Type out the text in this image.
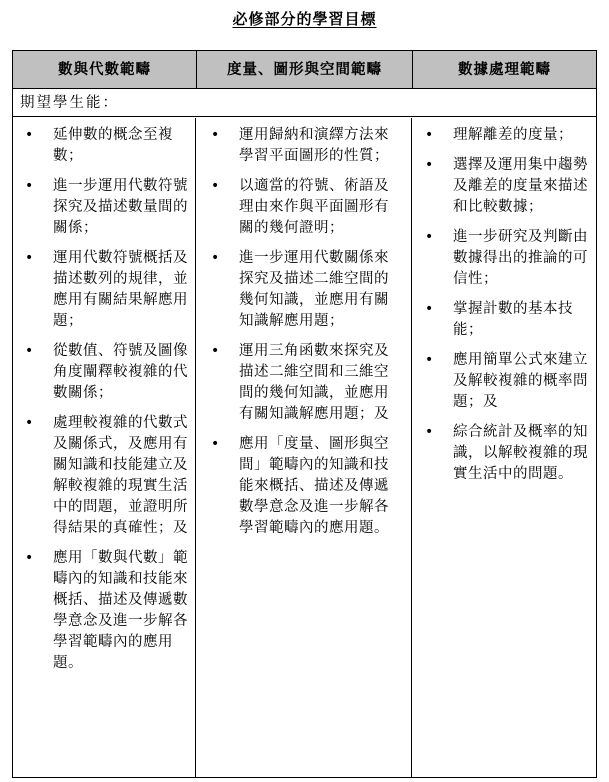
必修部分的學習目標
數與代數範疇	度量、圖形與空間範疇	數據處理範疇
期望學生能：
• 延伸數的概念至複數；
• 進一步運用代數符號探究及描述數量間的關係；
• 運用代數符號概括及描述數列的規律，並應用有關結果解應用題；
• 從數值、符號及圖像角度闡釋較複雜的代數關係；
• 處理較複雜的代數式及關係式，及應用有關知識和技能建立及解較複雜的現實生活中的問題，並證明所得結果的真確性；及
• 應用「數與代數」範疇內的知識和技能來概括、描述及傳遞數學意念及進一步解各學習範疇內的應用題。
• 運用歸納和演繹方法來學習平面圖形的性質；
• 以適當的符號、術語及理由來作與平面圖形有關的幾何證明；
• 進一步運用代數關係來探究及描述二維空間的幾何知識，並應用有關知識解應用題；
• 運用三角函數來探究及描述二維空間和三維空間的幾何知識，並應用有關知識解應用題；及
• 應用「度量、圖形與空間」範疇內的知識和技能來概括、描述及傳遞數學意念及進一步解各學習範疇內的應用題。
• 理解離差的度量；
• 選擇及運用集中趨勢及離差的度量來描述和比較數據；
• 進一步研究及判斷由數據得出的推論的可信性；
• 掌握計數的基本技能；
• 應用簡單公式來建立及解較複雜的概率問題；及
• 綜合統計及概率的知識，以解較複雜的現實生活中的問題。
